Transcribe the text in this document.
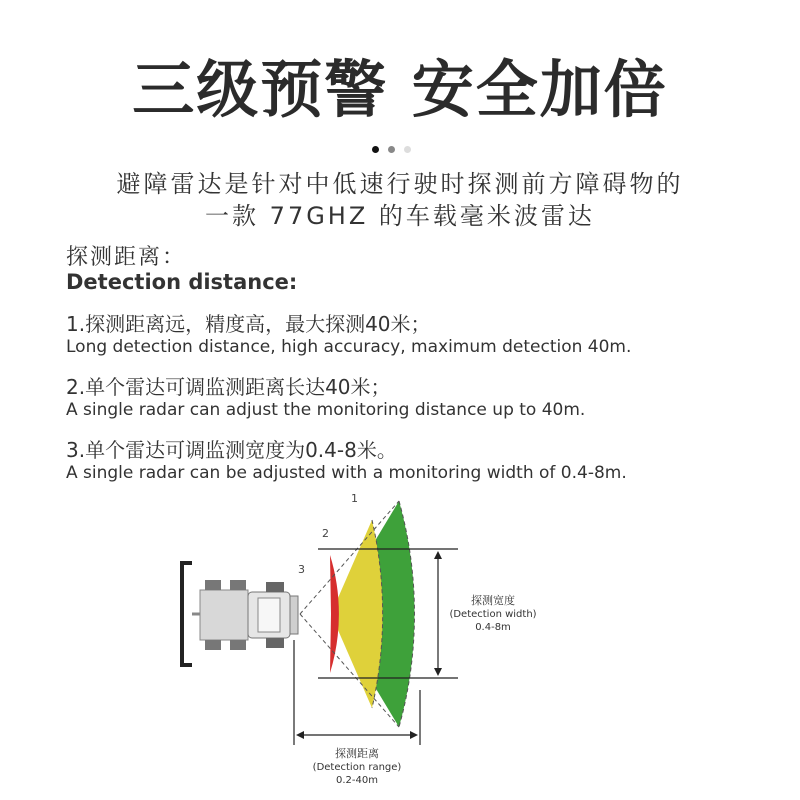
三级预警 安全加倍
避障雷达是针对中低速行驶时探测前方障碍物的
一款 77GHZ 的车载毫米波雷达
探测距离：
Detection distance:
1.探测距离远，精度高，最大探测40米；
Long detection distance, high accuracy, maximum detection 40m.
2.单个雷达可调监测距离长达40米；
A single radar can adjust the monitoring distance up to 40m.
3.单个雷达可调监测宽度为0.4-8米。
A single radar can be adjusted with a monitoring width of 0.4-8m.
1
2
3
探测宽度
(Detection width)
0.4-8m
探测距离
(Detection range)
0.2-40m
